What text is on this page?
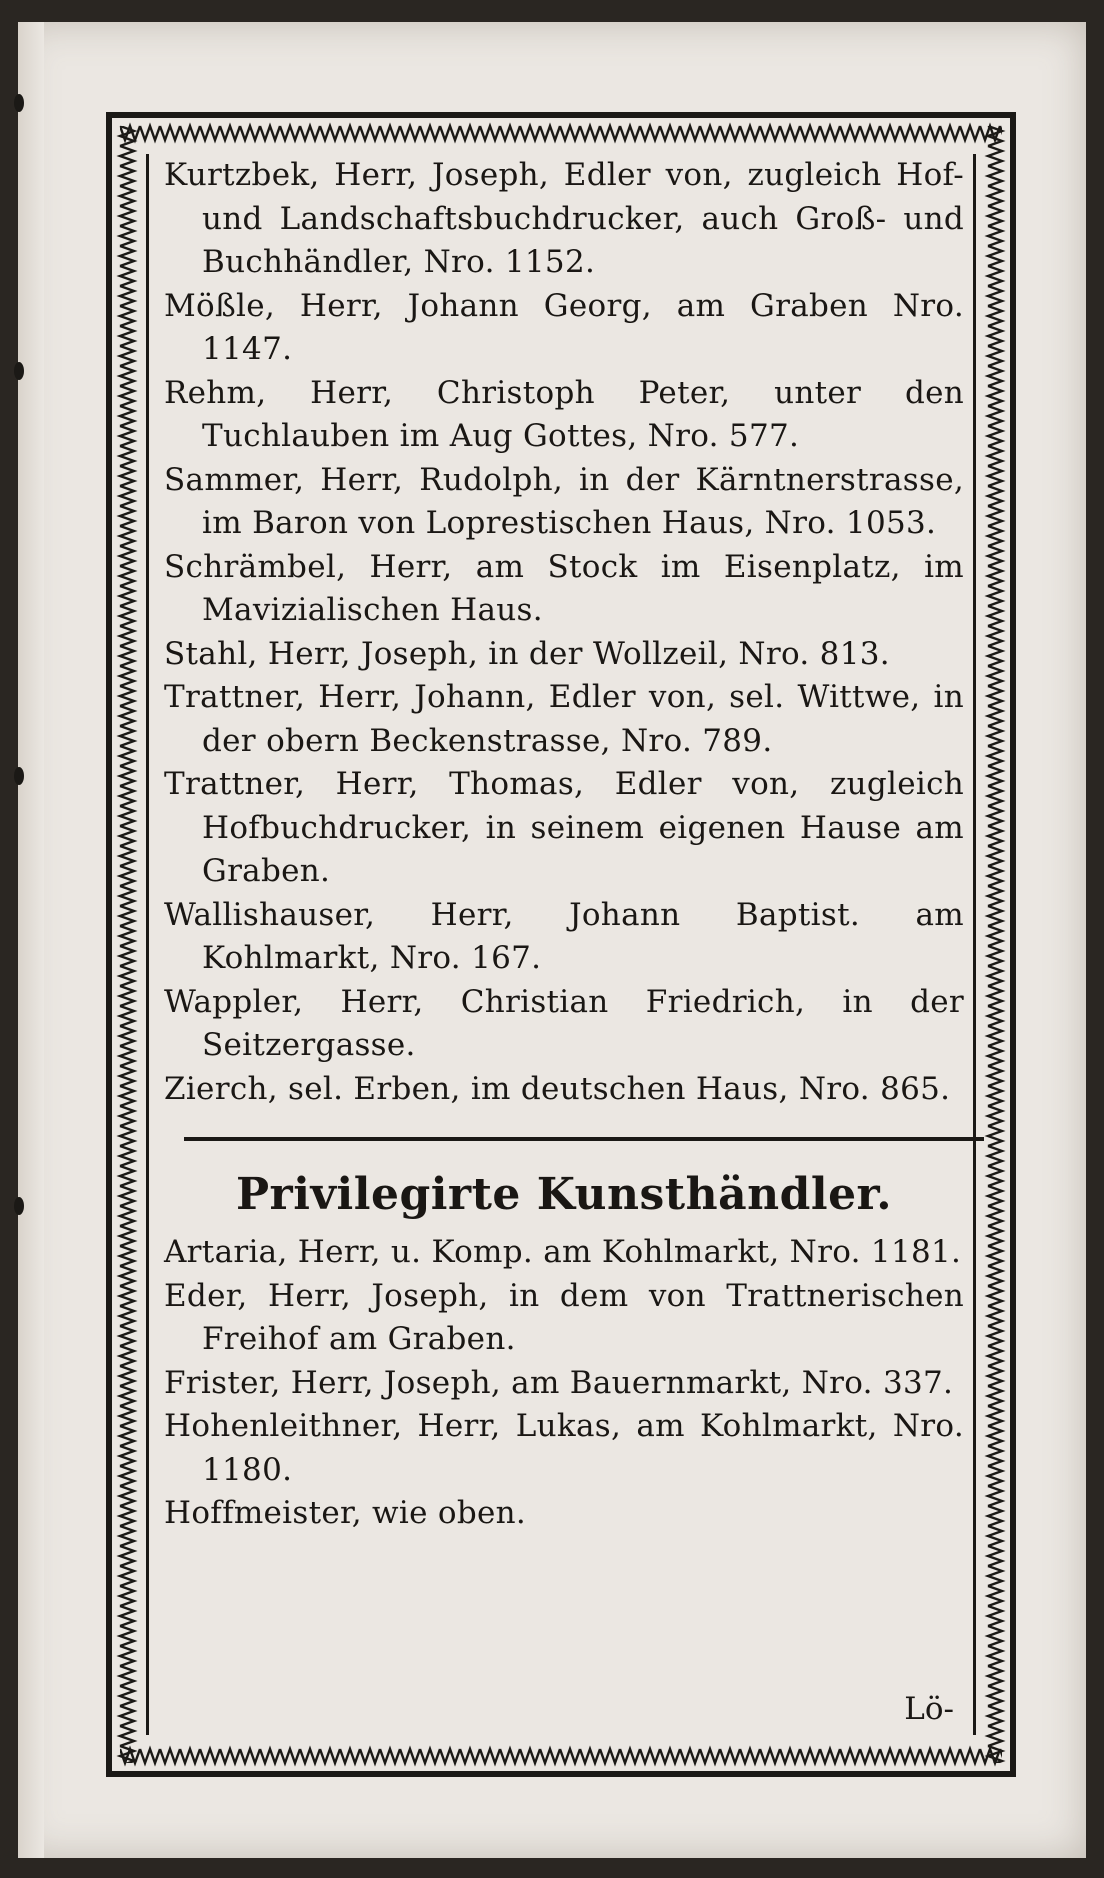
Kurtzbek, Herr, Joseph, Edler von, zugleich Hof- und Landschaftsbuchdrucker, auch Groß- und Buchhändler, Nro. 1152.
Mößle, Herr, Johann Georg, am Graben Nro. 1147.
Rehm, Herr, Christoph Peter, unter den Tuchlauben im Aug Gottes, Nro. 577.
Sammer, Herr, Rudolph, in der Kärntnerstrasse, im Baron von Loprestischen Haus, Nro. 1053.
Schrämbel, Herr, am Stock im Eisenplatz, im Mavizialischen Haus.
Stahl, Herr, Joseph, in der Wollzeil, Nro. 813.
Trattner, Herr, Johann, Edler von, sel. Wittwe, in der obern Beckenstrasse, Nro. 789.
Trattner, Herr, Thomas, Edler von, zugleich Hofbuchdrucker, in seinem eigenen Hause am Graben.
Wallishauser, Herr, Johann Baptist. am Kohlmarkt, Nro. 167.
Wappler, Herr, Christian Friedrich, in der Seitzergasse.
Zierch, sel. Erben, im deutschen Haus, Nro. 865.
Privilegirte Kunsthändler.
Artaria, Herr, u. Komp. am Kohlmarkt, Nro. 1181.
Eder, Herr, Joseph, in dem von Trattnerischen Freihof am Graben.
Frister, Herr, Joseph, am Bauernmarkt, Nro. 337.
Hohenleithner, Herr, Lukas, am Kohlmarkt, Nro. 1180.
Hoffmeister, wie oben.
Lö-
